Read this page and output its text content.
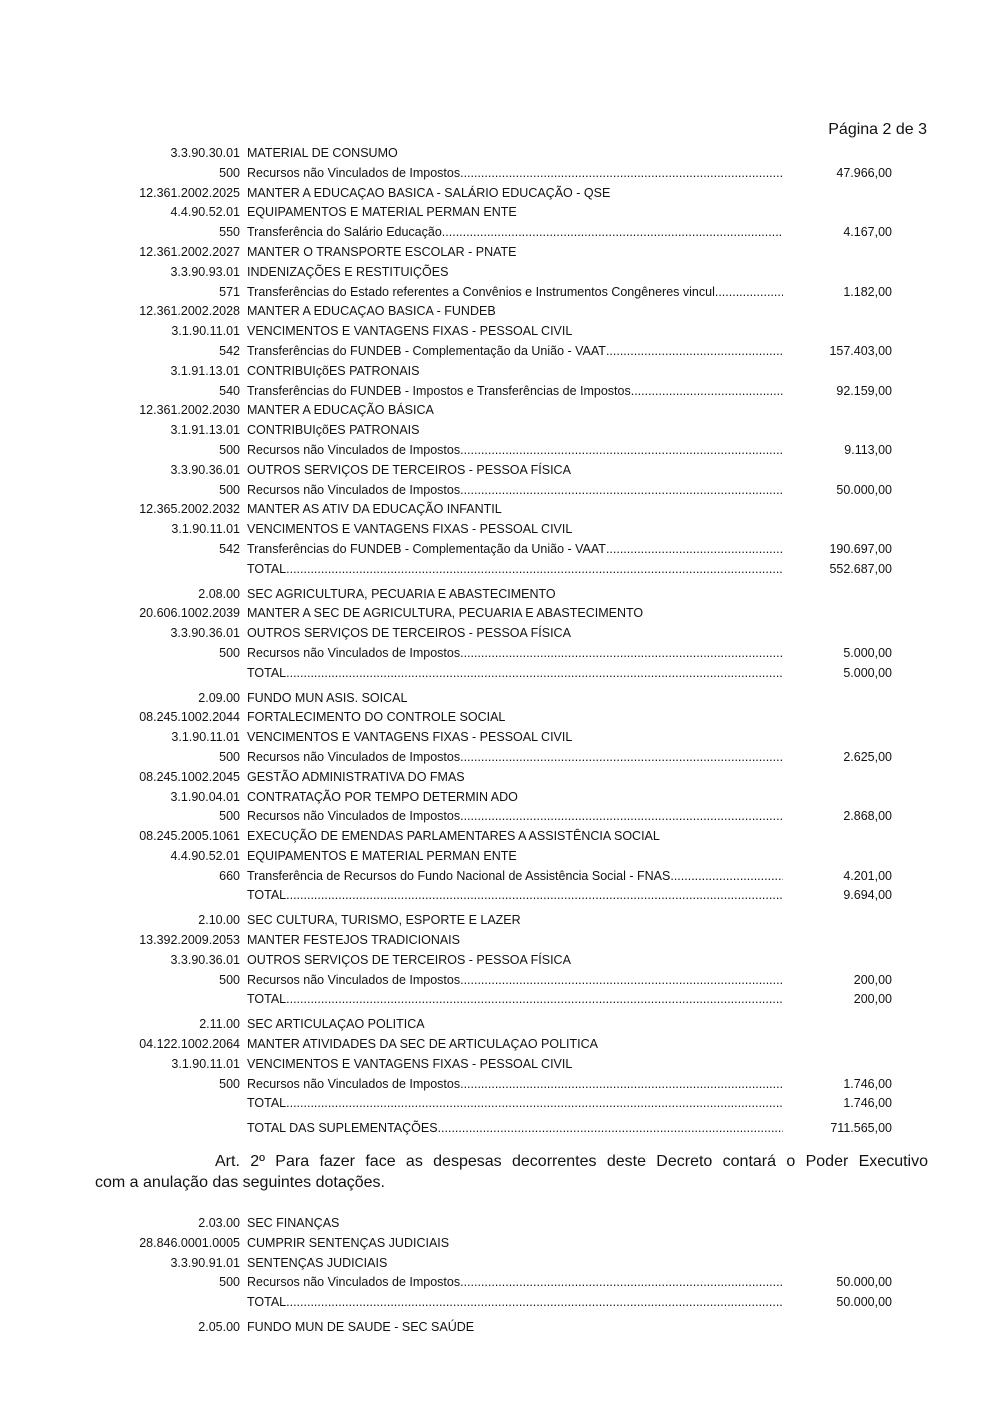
Página 2 de 3
3.3.90.30.01 MATERIAL DE CONSUMO
500 Recursos não Vinculados de Impostos .....	47.966,00
12.361.2002.2025 MANTER A EDUCAÇAO BASICA - SALÁRIO EDUCAÇÃO - QSE
4.4.90.52.01 EQUIPAMENTOS E MATERIAL PERMAN ENTE
550 Transferência do Salário Educação .....	4.167,00
12.361.2002.2027 MANTER O TRANSPORTE ESCOLAR - PNATE
3.3.90.93.01 INDENIZAÇÕES E RESTITUIÇÕES
571 Transferências do Estado referentes a Convênios e Instrumentos Congêneres vincul .....	1.182,00
12.361.2002.2028 MANTER A EDUCAÇAO BASICA - FUNDEB
3.1.90.11.01 VENCIMENTOS E VANTAGENS FIXAS - PESSOAL CIVIL
542 Transferências do FUNDEB - Complementação da União - VAAT .....	157.403,00
3.1.91.13.01 CONTRIBUIçõES PATRONAIS
540 Transferências do FUNDEB - Impostos e Transferências de Impostos .....	92.159,00
12.361.2002.2030 MANTER A EDUCAÇÃO BÁSICA
3.1.91.13.01 CONTRIBUIçõES PATRONAIS
500 Recursos não Vinculados de Impostos .....	9.113,00
3.3.90.36.01 OUTROS SERVIÇOS DE TERCEIROS - PESSOA FÍSICA
500 Recursos não Vinculados de Impostos .....	50.000,00
12.365.2002.2032 MANTER AS ATIV DA EDUCAÇÃO INFANTIL
3.1.90.11.01 VENCIMENTOS E VANTAGENS FIXAS - PESSOAL CIVIL
542 Transferências do FUNDEB - Complementação da União - VAAT .....	190.697,00
TOTAL .....	552.687,00
2.08.00 SEC AGRICULTURA, PECUARIA E ABASTECIMENTO
20.606.1002.2039 MANTER A SEC DE AGRICULTURA, PECUARIA E ABASTECIMENTO
3.3.90.36.01 OUTROS SERVIÇOS DE TERCEIROS - PESSOA FÍSICA
500 Recursos não Vinculados de Impostos .....	5.000,00
TOTAL .....	5.000,00
2.09.00 FUNDO MUN ASIS. SOICAL
08.245.1002.2044 FORTALECIMENTO DO CONTROLE SOCIAL
3.1.90.11.01 VENCIMENTOS E VANTAGENS FIXAS - PESSOAL CIVIL
500 Recursos não Vinculados de Impostos .....	2.625,00
08.245.1002.2045 GESTÃO ADMINISTRATIVA DO FMAS
3.1.90.04.01 CONTRATAÇÃO POR TEMPO DETERMIN ADO
500 Recursos não Vinculados de Impostos .....	2.868,00
08.245.2005.1061 EXECUÇÃO DE EMENDAS PARLAMENTARES A ASSISTÊNCIA SOCIAL
4.4.90.52.01 EQUIPAMENTOS E MATERIAL PERMAN ENTE
660 Transferência de Recursos do Fundo Nacional de Assistência Social - FNAS .....	4.201,00
TOTAL .....	9.694,00
2.10.00 SEC CULTURA, TURISMO, ESPORTE E LAZER
13.392.2009.2053 MANTER FESTEJOS TRADICIONAIS
3.3.90.36.01 OUTROS SERVIÇOS DE TERCEIROS - PESSOA FÍSICA
500 Recursos não Vinculados de Impostos .....	200,00
TOTAL .....	200,00
2.11.00 SEC ARTICULAÇAO POLITICA
04.122.1002.2064 MANTER ATIVIDADES DA SEC DE ARTICULAÇAO POLITICA
3.1.90.11.01 VENCIMENTOS E VANTAGENS FIXAS - PESSOAL CIVIL
500 Recursos não Vinculados de Impostos .....	1.746,00
TOTAL .....	1.746,00
TOTAL DAS SUPLEMENTAÇÕES .....	711.565,00
Art. 2º Para fazer face as despesas decorrentes deste Decreto contará o Poder Executivo
com a anulação das seguintes dotações.
2.03.00 SEC FINANÇAS
28.846.0001.0005 CUMPRIR SENTENÇAS JUDICIAIS
3.3.90.91.01 SENTENÇAS JUDICIAIS
500 Recursos não Vinculados de Impostos .....	50.000,00
TOTAL .....	50.000,00
2.05.00 FUNDO MUN DE SAUDE - SEC SAÚDE
